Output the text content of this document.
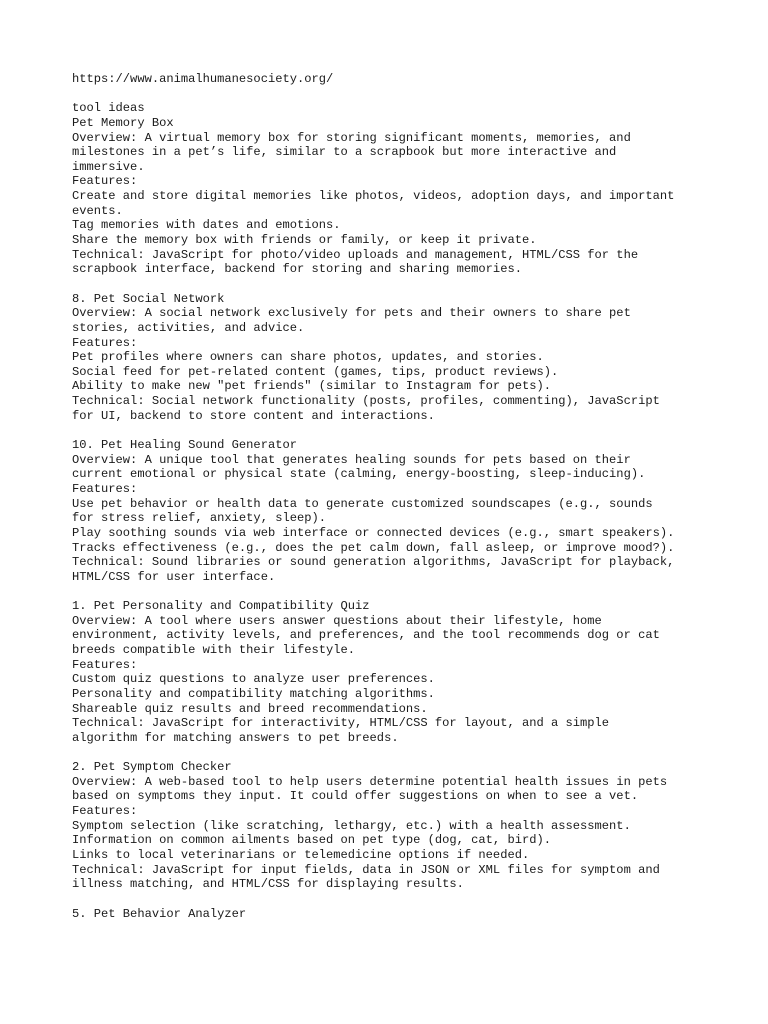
https://www.animalhumanesociety.org/
tool ideas
Pet Memory Box
Overview: A virtual memory box for storing significant moments, memories, and
milestones in a pet’s life, similar to a scrapbook but more interactive and
immersive.
Features:
Create and store digital memories like photos, videos, adoption days, and important
events.
Tag memories with dates and emotions.
Share the memory box with friends or family, or keep it private.
Technical: JavaScript for photo/video uploads and management, HTML/CSS for the
scrapbook interface, backend for storing and sharing memories.
8. Pet Social Network
Overview: A social network exclusively for pets and their owners to share pet
stories, activities, and advice.
Features:
Pet profiles where owners can share photos, updates, and stories.
Social feed for pet-related content (games, tips, product reviews).
Ability to make new "pet friends" (similar to Instagram for pets).
Technical: Social network functionality (posts, profiles, commenting), JavaScript
for UI, backend to store content and interactions.
10. Pet Healing Sound Generator
Overview: A unique tool that generates healing sounds for pets based on their
current emotional or physical state (calming, energy-boosting, sleep-inducing).
Features:
Use pet behavior or health data to generate customized soundscapes (e.g., sounds
for stress relief, anxiety, sleep).
Play soothing sounds via web interface or connected devices (e.g., smart speakers).
Tracks effectiveness (e.g., does the pet calm down, fall asleep, or improve mood?).
Technical: Sound libraries or sound generation algorithms, JavaScript for playback,
HTML/CSS for user interface.
1. Pet Personality and Compatibility Quiz
Overview: A tool where users answer questions about their lifestyle, home
environment, activity levels, and preferences, and the tool recommends dog or cat
breeds compatible with their lifestyle.
Features:
Custom quiz questions to analyze user preferences.
Personality and compatibility matching algorithms.
Shareable quiz results and breed recommendations.
Technical: JavaScript for interactivity, HTML/CSS for layout, and a simple
algorithm for matching answers to pet breeds.
2. Pet Symptom Checker
Overview: A web-based tool to help users determine potential health issues in pets
based on symptoms they input. It could offer suggestions on when to see a vet.
Features:
Symptom selection (like scratching, lethargy, etc.) with a health assessment.
Information on common ailments based on pet type (dog, cat, bird).
Links to local veterinarians or telemedicine options if needed.
Technical: JavaScript for input fields, data in JSON or XML files for symptom and
illness matching, and HTML/CSS for displaying results.
5. Pet Behavior Analyzer
